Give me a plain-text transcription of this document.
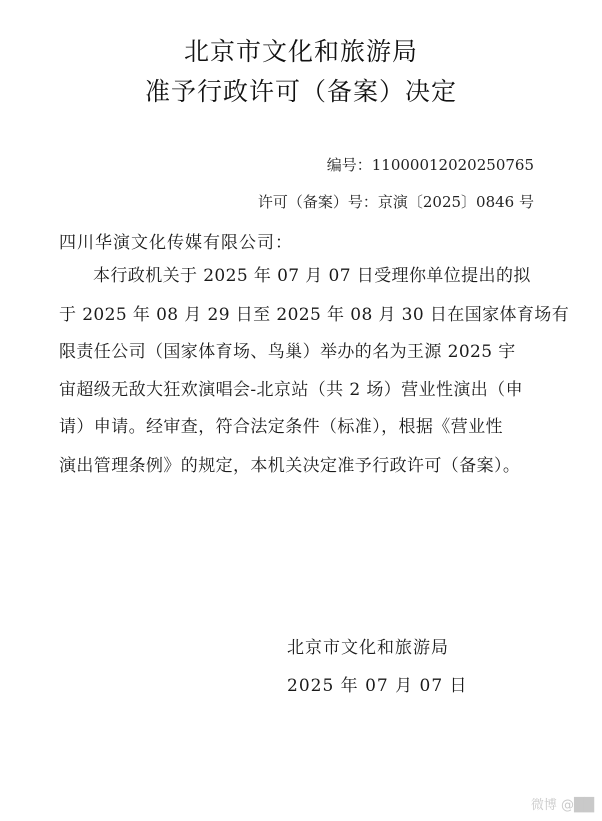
北京市文化和旅游局
准予行政许可（备案）决定
编号：11000012020250765
许可（备案）号：京演〔2025〕0846 号
四川华演文化传媒有限公司：
本行政机关于 2025 年 07 月 07 日受理你单位提出的拟
于 2025 年 08 月 29 日至 2025 年 08 月 30 日在国家体育场有
限责任公司（国家体育场、鸟巢）举办的名为王源 2025 宇
宙超级无敌大狂欢演唱会-北京站（共 2 场）营业性演出（申
请）申请。经审查，符合法定条件（标准），根据《营业性
演出管理条例》的规定，本机关决定准予行政许可（备案）。
北京市文化和旅游局
2025 年 07 月 07 日
微博 @██
